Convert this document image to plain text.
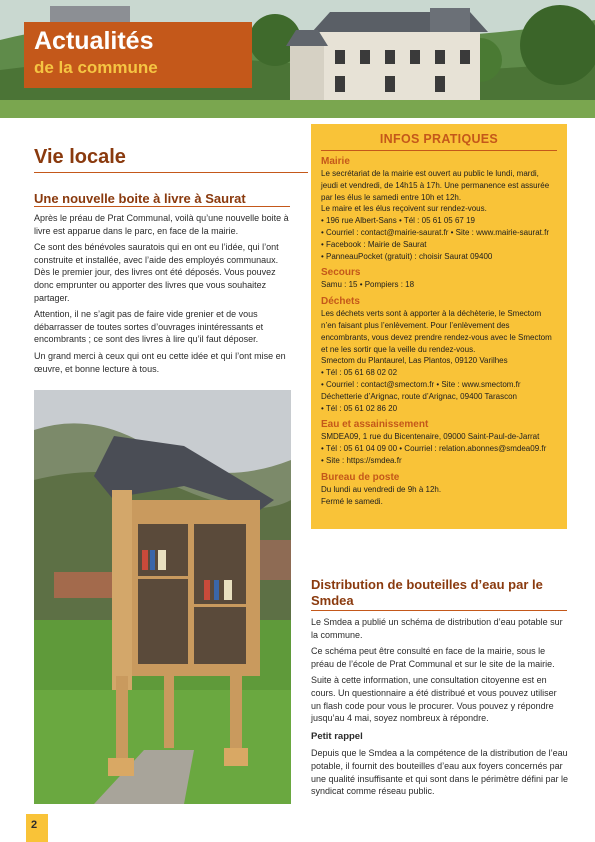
Actualités
de la commune
Vie locale
Une nouvelle boite à livre à Saurat

Après le préau de Prat Communal, voilà qu’une nouvelle boite à livre est apparue dans le parc, en face de la mairie.

Ce sont des bénévoles sauratois qui en ont eu l’idée, qui l’ont construite et installée, avec l’aide des employés communaux. Dès le premier jour, des livres ont été déposés. Vous pouvez donc emprunter ou apporter des livres que vous souhaitez partager.

Attention, il ne s’agit pas de faire vide grenier et de vous débarrasser de toutes sortes d’ouvrages inintéressants et encombrants ; ce sont des livres à lire qu’il faut déposer.

Un grand merci à ceux qui ont eu cette idée et qui l’ont mise en œuvre, et bonne lecture à tous.

INFOS PRATIQUES
Mairie
Le secrétariat de la mairie est ouvert au public le lundi, mardi, jeudi et vendredi, de 14h15 à 17h. Une permanence est assurée par les élus le samedi entre 10h et 12h.
Le maire et les élus reçoivent sur rendez-vous.
• 196 rue Albert-Sans • Tél : 05 61 05 67 19
• Courriel : contact@mairie-saurat.fr • Site : www.mairie-saurat.fr
• Facebook : Mairie de Saurat
• PanneauPocket (gratuit) : choisir Saurat 09400
Secours
Samu : 15 • Pompiers : 18
Déchets
Les déchets verts sont à apporter à la déchèterie, le Smectom n’en faisant plus l’enlèvement. Pour l’enlèvement des encombrants, vous devez prendre rendez-vous avec le Smectom et ne les sortir que la veille du rendez-vous.
Smectom du Plantaurel, Las Plantos, 09120 Varilhes
• Tél : 05 61 68 02 02
• Courriel : contact@smectom.fr • Site : www.smectom.fr
Déchetterie d’Arignac, route d’Arignac, 09400 Tarascon
• Tél : 05 61 02 86 20
Eau et assainissement
SMDEA09, 1 rue du Bicentenaire, 09000 Saint-Paul-de-Jarrat
• Tél : 05 61 04 09 00 • Courriel : relation.abonnes@smdea09.fr
• Site : https://smdea.fr
Bureau de poste
Du lundi au vendredi de 9h à 12h.
Fermé le samedi.
Distribution de bouteilles d’eau par le Smdea

Le Smdea a publié un schéma de distribution d’eau potable sur la commune.

Ce schéma peut être consulté en face de la mairie, sous le préau de l’école de Prat Communal et sur le site de la mairie.

Suite à cette information, une consultation citoyenne est en cours. Un questionnaire a été distribué et vous pouvez utiliser un flash code pour vous le procurer. Vous pouvez y répondre jusqu’au 4 mai, soyez nombreux à répondre.

Petit rappel

Depuis que le Smdea a la compétence de la distribution de l’eau potable, il fournit des bouteilles d’eau aux foyers concernés par une qualité insuffisante et qui sont dans le périmètre défini par le syndicat comme réseau public.

2
